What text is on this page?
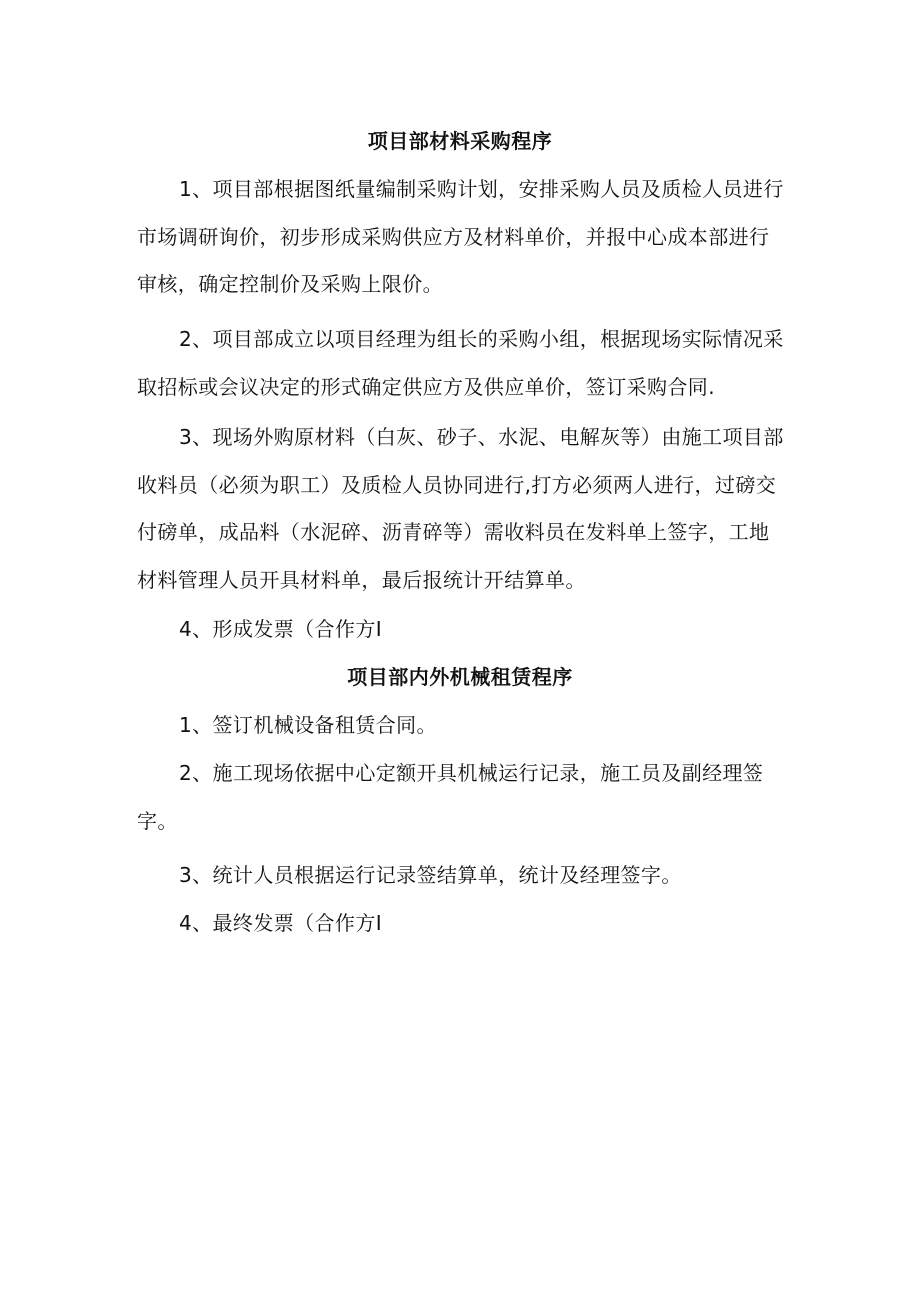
项目部材料采购程序
1、项目部根据图纸量编制采购计划，安排采购人员及质检人员进行市场调研询价，初步形成采购供应方及材料单价，并报中心成本部进行审核，确定控制价及采购上限价。
2、项目部成立以项目经理为组长的采购小组，根据现场实际情况采取招标或会议决定的形式确定供应方及供应单价，签订采购合同.
3、现场外购原材料（白灰、砂子、水泥、电解灰等）由施工项目部收料员（必须为职工）及质检人员协同进行,打方必须两人进行，过磅交付磅单，成品料（水泥碎、沥青碎等）需收料员在发料单上签字，工地材料管理人员开具材料单，最后报统计开结算单。
4、形成发票（合作方I
项目部内外机械租赁程序
1、签订机械设备租赁合同。
2、施工现场依据中心定额开具机械运行记录，施工员及副经理签字。
3、统计人员根据运行记录签结算单，统计及经理签字。
4、最终发票（合作方I
